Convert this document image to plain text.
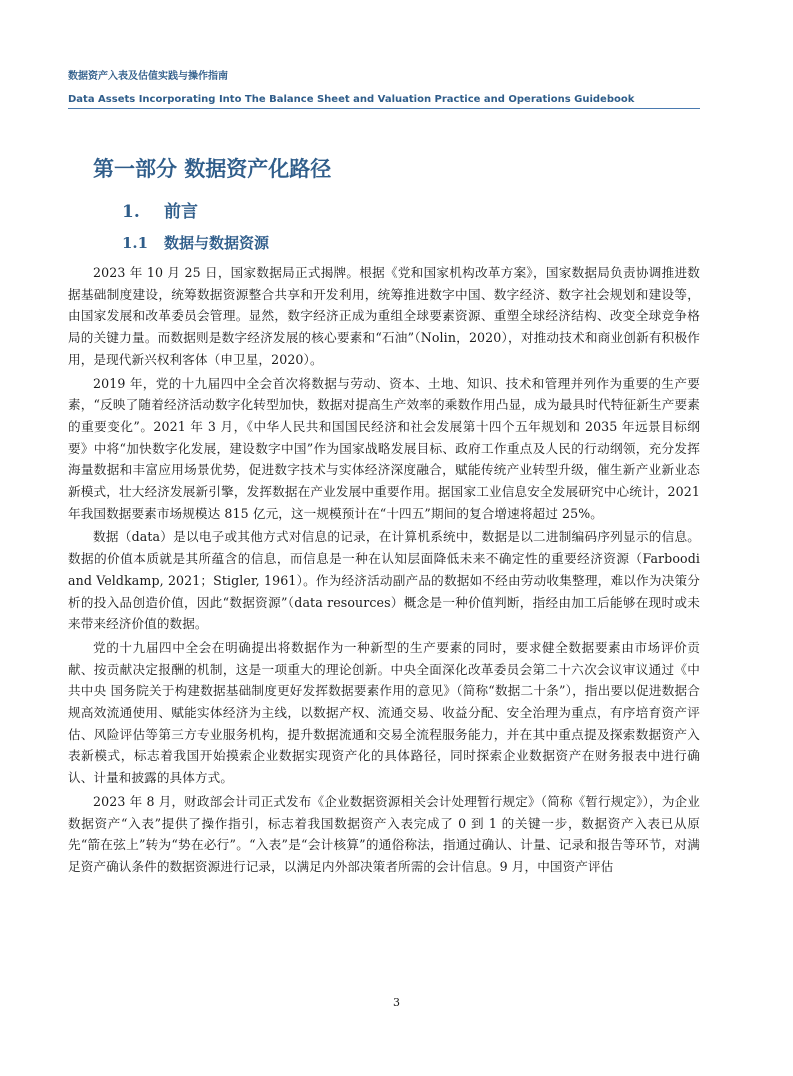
数据资产入表及估值实践与操作指南
Data Assets Incorporating Into The Balance Sheet and Valuation Practice and Operations Guidebook
第一部分 数据资产化路径
1. 前言
1.1 数据与数据资源

2023 年 10 月 25 日，国家数据局正式揭牌。根据《党和国家机构改革方案》，国家数据局负责协调推进数据基础制度建设，统筹数据资源整合共享和开发利用，统筹推进数字中国、数字经济、数字社会规划和建设等，由国家发展和改革委员会管理。显然，数字经济正成为重组全球要素资源、重塑全球经济结构、改变全球竞争格局的关键力量。而数据则是数字经济发展的核心要素和“石油”（Nolin，2020），对推动技术和商业创新有积极作用，是现代新兴权利客体（申卫星，2020）。

2019 年，党的十九届四中全会首次将数据与劳动、资本、土地、知识、技术和管理并列作为重要的生产要素，“反映了随着经济活动数字化转型加快，数据对提高生产效率的乘数作用凸显，成为最具时代特征新生产要素的重要变化”。2021 年 3 月，《中华人民共和国国民经济和社会发展第十四个五年规划和 2035 年远景目标纲要》中将“加快数字化发展，建设数字中国”作为国家战略发展目标、政府工作重点及人民的行动纲领，充分发挥海量数据和丰富应用场景优势，促进数字技术与实体经济深度融合，赋能传统产业转型升级，催生新产业新业态新模式，壮大经济发展新引擎，发挥数据在产业发展中重要作用。据国家工业信息安全发展研究中心统计，2021 年我国数据要素市场规模达 815 亿元，这一规模预计在“十四五”期间的复合增速将超过 25%。

数据（data）是以电子或其他方式对信息的记录，在计算机系统中，数据是以二进制编码序列显示的信息。数据的价值本质就是其所蕴含的信息，而信息是一种在认知层面降低未来不确定性的重要经济资源（Farboodi and Veldkamp, 2021；Stigler, 1961）。作为经济活动副产品的数据如不经由劳动收集整理，难以作为决策分析的投入品创造价值，因此“数据资源”（data resources）概念是一种价值判断，指经由加工后能够在现时或未来带来经济价值的数据。

党的十九届四中全会在明确提出将数据作为一种新型的生产要素的同时，要求健全数据要素由市场评价贡献、按贡献决定报酬的机制，这是一项重大的理论创新。中央全面深化改革委员会第二十六次会议审议通过《中共中央 国务院关于构建数据基础制度更好发挥数据要素作用的意见》（简称“数据二十条”），指出要以促进数据合规高效流通使用、赋能实体经济为主线，以数据产权、流通交易、收益分配、安全治理为重点，有序培育资产评估、风险评估等第三方专业服务机构，提升数据流通和交易全流程服务能力，并在其中重点提及探索数据资产入表新模式，标志着我国开始摸索企业数据实现资产化的具体路径，同时探索企业数据资产在财务报表中进行确认、计量和披露的具体方式。

2023 年 8 月，财政部会计司正式发布《企业数据资源相关会计处理暂行规定》（简称《暂行规定》），为企业数据资产“入表”提供了操作指引，标志着我国数据资产入表完成了 0 到 1 的关键一步，数据资产入表已从原先“箭在弦上”转为“势在必行”。“入表”是“会计核算”的通俗称法，指通过确认、计量、记录和报告等环节，对满足资产确认条件的数据资源进行记录，以满足内外部决策者所需的会计信息。9 月，中国资产评估

3
